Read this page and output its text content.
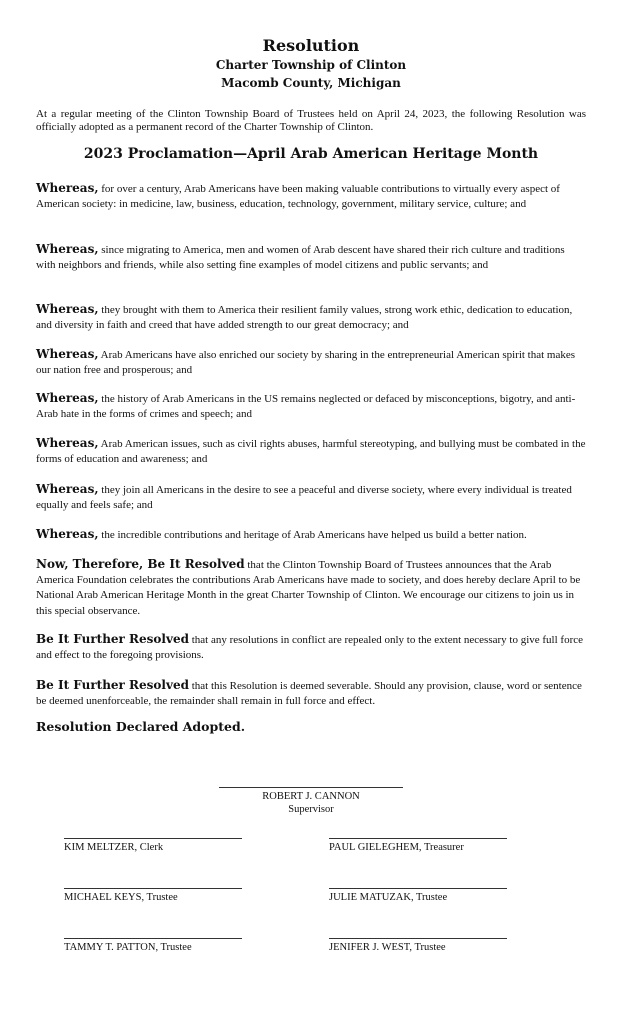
Resolution
Charter Township of Clinton
Macomb County, Michigan
At a regular meeting of the Clinton Township Board of Trustees held on April 24, 2023, the following Resolution was officially adopted as a permanent record of the Charter Township of Clinton.
2023 Proclamation—April Arab American Heritage Month

Whereas, for over a century, Arab Americans have been making valuable contributions to virtually every aspect of American society: in medicine, law, business, education, technology, government, military service, culture; and

Whereas, since migrating to America, men and women of Arab descent have shared their rich culture and traditions with neighbors and friends, while also setting fine examples of model citizens and public servants; and

Whereas, they brought with them to America their resilient family values, strong work ethic, dedication to education, and diversity in faith and creed that have added strength to our great democracy; and

Whereas, Arab Americans have also enriched our society by sharing in the entrepreneurial American spirit that makes our nation free and prosperous; and

Whereas, the history of Arab Americans in the US remains neglected or defaced by misconceptions, bigotry, and anti-Arab hate in the forms of crimes and speech; and

Whereas, Arab American issues, such as civil rights abuses, harmful stereotyping, and bullying must be combated in the forms of education and awareness; and

Whereas, they join all Americans in the desire to see a peaceful and diverse society, where every individual is treated equally and feels safe; and

Whereas, the incredible contributions and heritage of Arab Americans have helped us build a better nation.

Now, Therefore, Be It Resolved that the Clinton Township Board of Trustees announces that the Arab America Foundation celebrates the contributions Arab Americans have made to society, and does hereby declare April to be National Arab American Heritage Month in the great Charter Township of Clinton. We encourage our citizens to join us in this special observance.

Be It Further Resolved that any resolutions in conflict are repealed only to the extent necessary to give full force and effect to the foregoing provisions.

Be It Further Resolved that this Resolution is deemed severable. Should any provision, clause, word or sentence be deemed unenforceable, the remainder shall remain in full force and effect.

Resolution Declared Adopted.
ROBERT J. CANNON
Supervisor
KIM MELTZER, Clerk	PAUL GIELEGHEM, Treasurer
MICHAEL KEYS, Trustee	JULIE MATUZAK, Trustee
TAMMY T. PATTON, Trustee	JENIFER J. WEST, Trustee
